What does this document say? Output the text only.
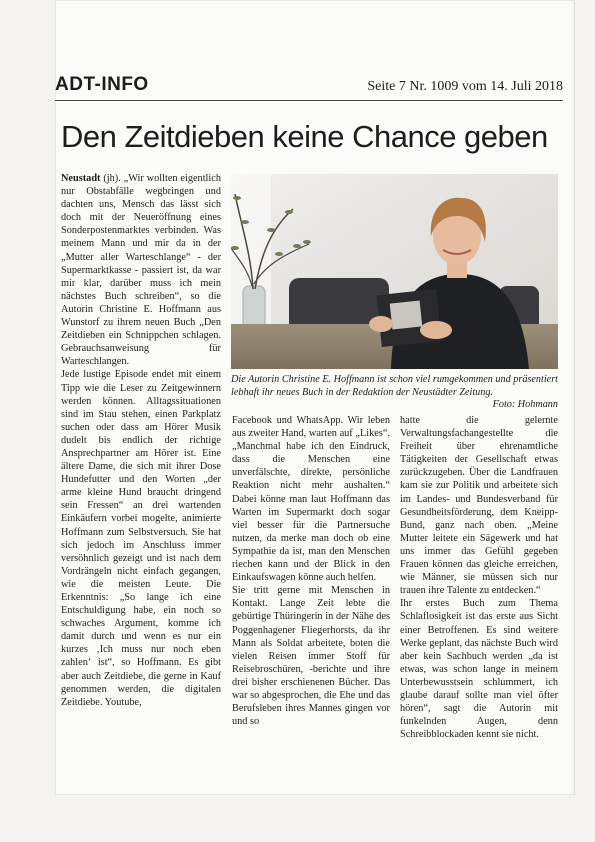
ADT-INFO	Seite 7 Nr. 1009 vom 14. Juli 2018
Den Zeitdieben keine Chance geben

Neustadt (jh). „Wir wollten eigentlich nur Obstabfälle wegbringen und dachten uns, Mensch das lässt sich doch mit der Neueröffnung eines Sonderpostenmarktes verbinden. Was meinem Mann und mir da in der „Mutter aller Warteschlange“ - der Supermarktkasse - passiert ist, da war mir klar, darüber muss ich mein nächstes Buch schreiben“, so die Autorin Christine E. Hoffmann aus Wunstorf zu ihrem neuen Buch „Den Zeitdieben ein Schnippchen schlagen. Gebrauchsanweisung für Warteschlangen.

Jede lustige Episode endet mit einem Tipp wie die Leser zu Zeitgewinnern werden können. Alltagssituationen sind im Stau stehen, einen Parkplatz suchen oder dass am Hörer Musik dudelt bis endlich der richtige Ansprechpartner am Hörer ist. Eine ältere Dame, die sich mit ihrer Dose Hundefutter und den Worten „der arme kleine Hund braucht dringend sein Fressen“ an drei wartenden Einkäufern vorbei mogelte, animierte Hoffmann zum Selbstversuch. Sie hat sich jedoch im Anschluss immer versöhnlich gezeigt und ist nach dem Vordrängeln nicht einfach gegangen, wie die meisten Leute. Die Erkenntnis: „So lange ich eine Entschuldigung habe, ein noch so schwaches Argument, komme ich damit durch und wenn es nur ein kurzes ‚Ich muss nur noch eben zahlen‘ ist“, so Hoffmann. Es gibt aber auch Zeitdiebe, die gerne in Kauf genommen werden, die digitalen Zeitdiebe. Youtube,

Die Autorin Christine E. Hoffmann ist schon viel rumgekommen und präsentiert lebhaft ihr neues Buch in der Redaktion der Neustädter Zeitung.
Foto: Hohmann

Facebook und WhatsApp. Wir leben aus zweiter Hand, warten auf „Likes“. „Manchmal habe ich den Eindruck, dass die Menschen eine unverfälschte, direkte, persönliche Reaktion nicht mehr aushalten.“ Dabei könne man laut Hoffmann das Warten im Supermarkt doch sogar viel besser für die Partnersuche nutzen, da merke man doch ob eine Sympathie da ist, man den Menschen riechen kann und der Blick in den Einkaufswagen könne auch helfen.

Sie tritt gerne mit Menschen in Kontakt. Lange Zeit lebte die gebürtige Thüringerin in der Nähe des Poggenhagener Fliegerhorsts, da ihr Mann als Soldat arbeitete, boten die vielen Reisen immer Stoff für Reisebroschüren, -berichte und ihre drei bisher erschienenen Bücher. Das war so abgesprochen, die Ehe und das Berufsleben ihres Mannes gingen vor und so

hatte die gelernte Verwaltungsfachangestellte die Freiheit über ehrenamtliche Tätigkeiten der Gesellschaft etwas zurückzugeben. Über die Landfrauen kam sie zur Politik und arbeitete sich im Landes- und Bundesverband für Gesundheitsförderung, dem Kneipp-Bund, ganz nach oben. „Meine Mutter leitete ein Sägewerk und hat uns immer das Gefühl gegeben Frauen können das gleiche erreichen, wie Männer, sie müssen sich nur trauen ihre Talente zu entdecken.“

Ihr erstes Buch zum Thema Schlaflosigkeit ist das erste aus Sicht einer Betroffenen. Es sind weitere Werke geplant, das nächste Buch wird aber kein Sachbuch werden „da ist etwas, was schon lange in meinem Unterbewusstsein schlummert, ich glaube darauf sollte man viel öfter hören“, sagt die Autorin mit funkelnden Augen, denn Schreibblockaden kennt sie nicht.
